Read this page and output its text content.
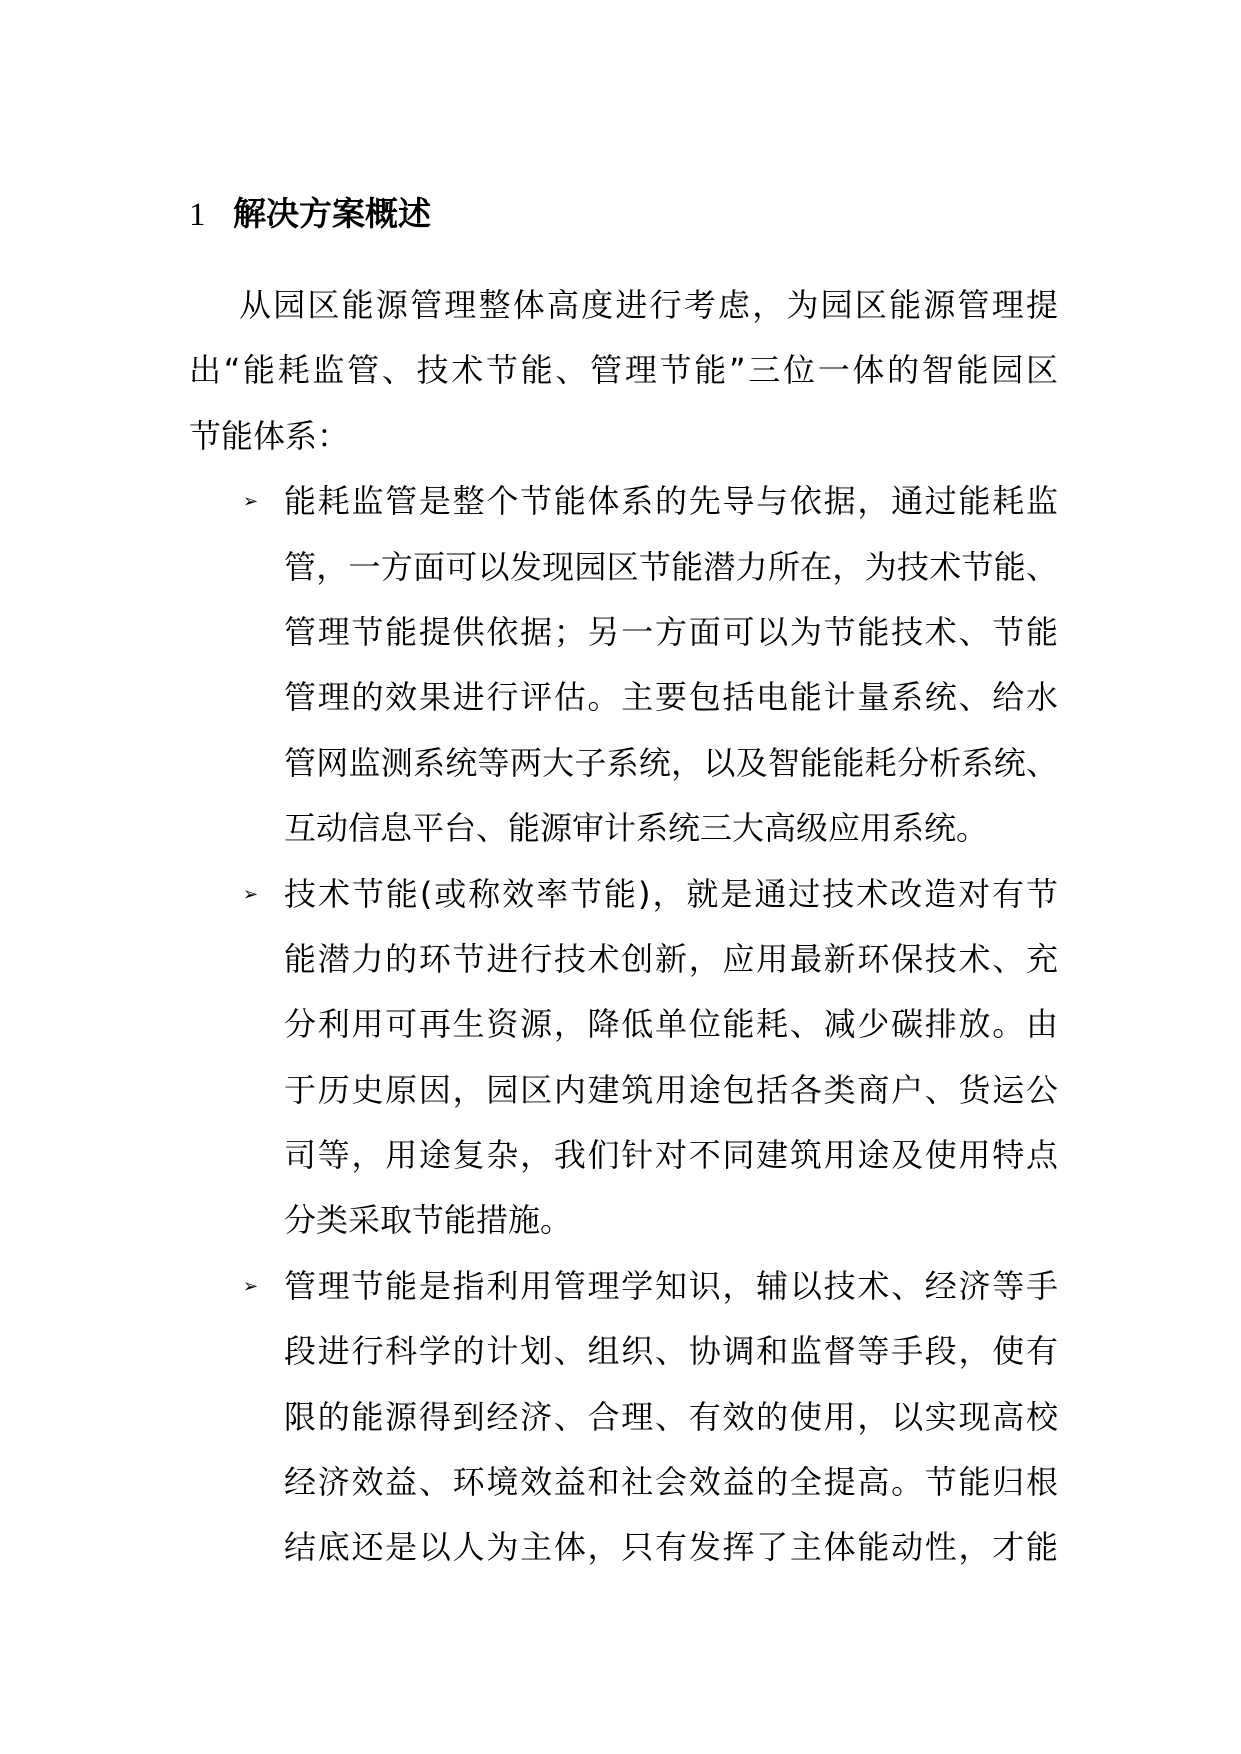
1 解决方案概述
从园区能源管理整体高度进行考虑，为园区能源管理提
出“能耗监管、技术节能、管理节能”三位一体的智能园区
节能体系：
➢ 能耗监管是整个节能体系的先导与依据，通过能耗监
管，一方面可以发现园区节能潜力所在，为技术节能、
管理节能提供依据；另一方面可以为节能技术、节能
管理的效果进行评估。主要包括电能计量系统、给水
管网监测系统等两大子系统，以及智能能耗分析系统、
互动信息平台、能源审计系统三大高级应用系统。
➢ 技术节能(或称效率节能)，就是通过技术改造对有节
能潜力的环节进行技术创新，应用最新环保技术、充
分利用可再生资源，降低单位能耗、减少碳排放。由
于历史原因，园区内建筑用途包括各类商户、货运公
司等，用途复杂，我们针对不同建筑用途及使用特点
分类采取节能措施。
➢ 管理节能是指利用管理学知识，辅以技术、经济等手
段进行科学的计划、组织、协调和监督等手段，使有
限的能源得到经济、合理、有效的使用，以实现高校
经济效益、环境效益和社会效益的全提高。节能归根
结底还是以人为主体，只有发挥了主体能动性，才能
